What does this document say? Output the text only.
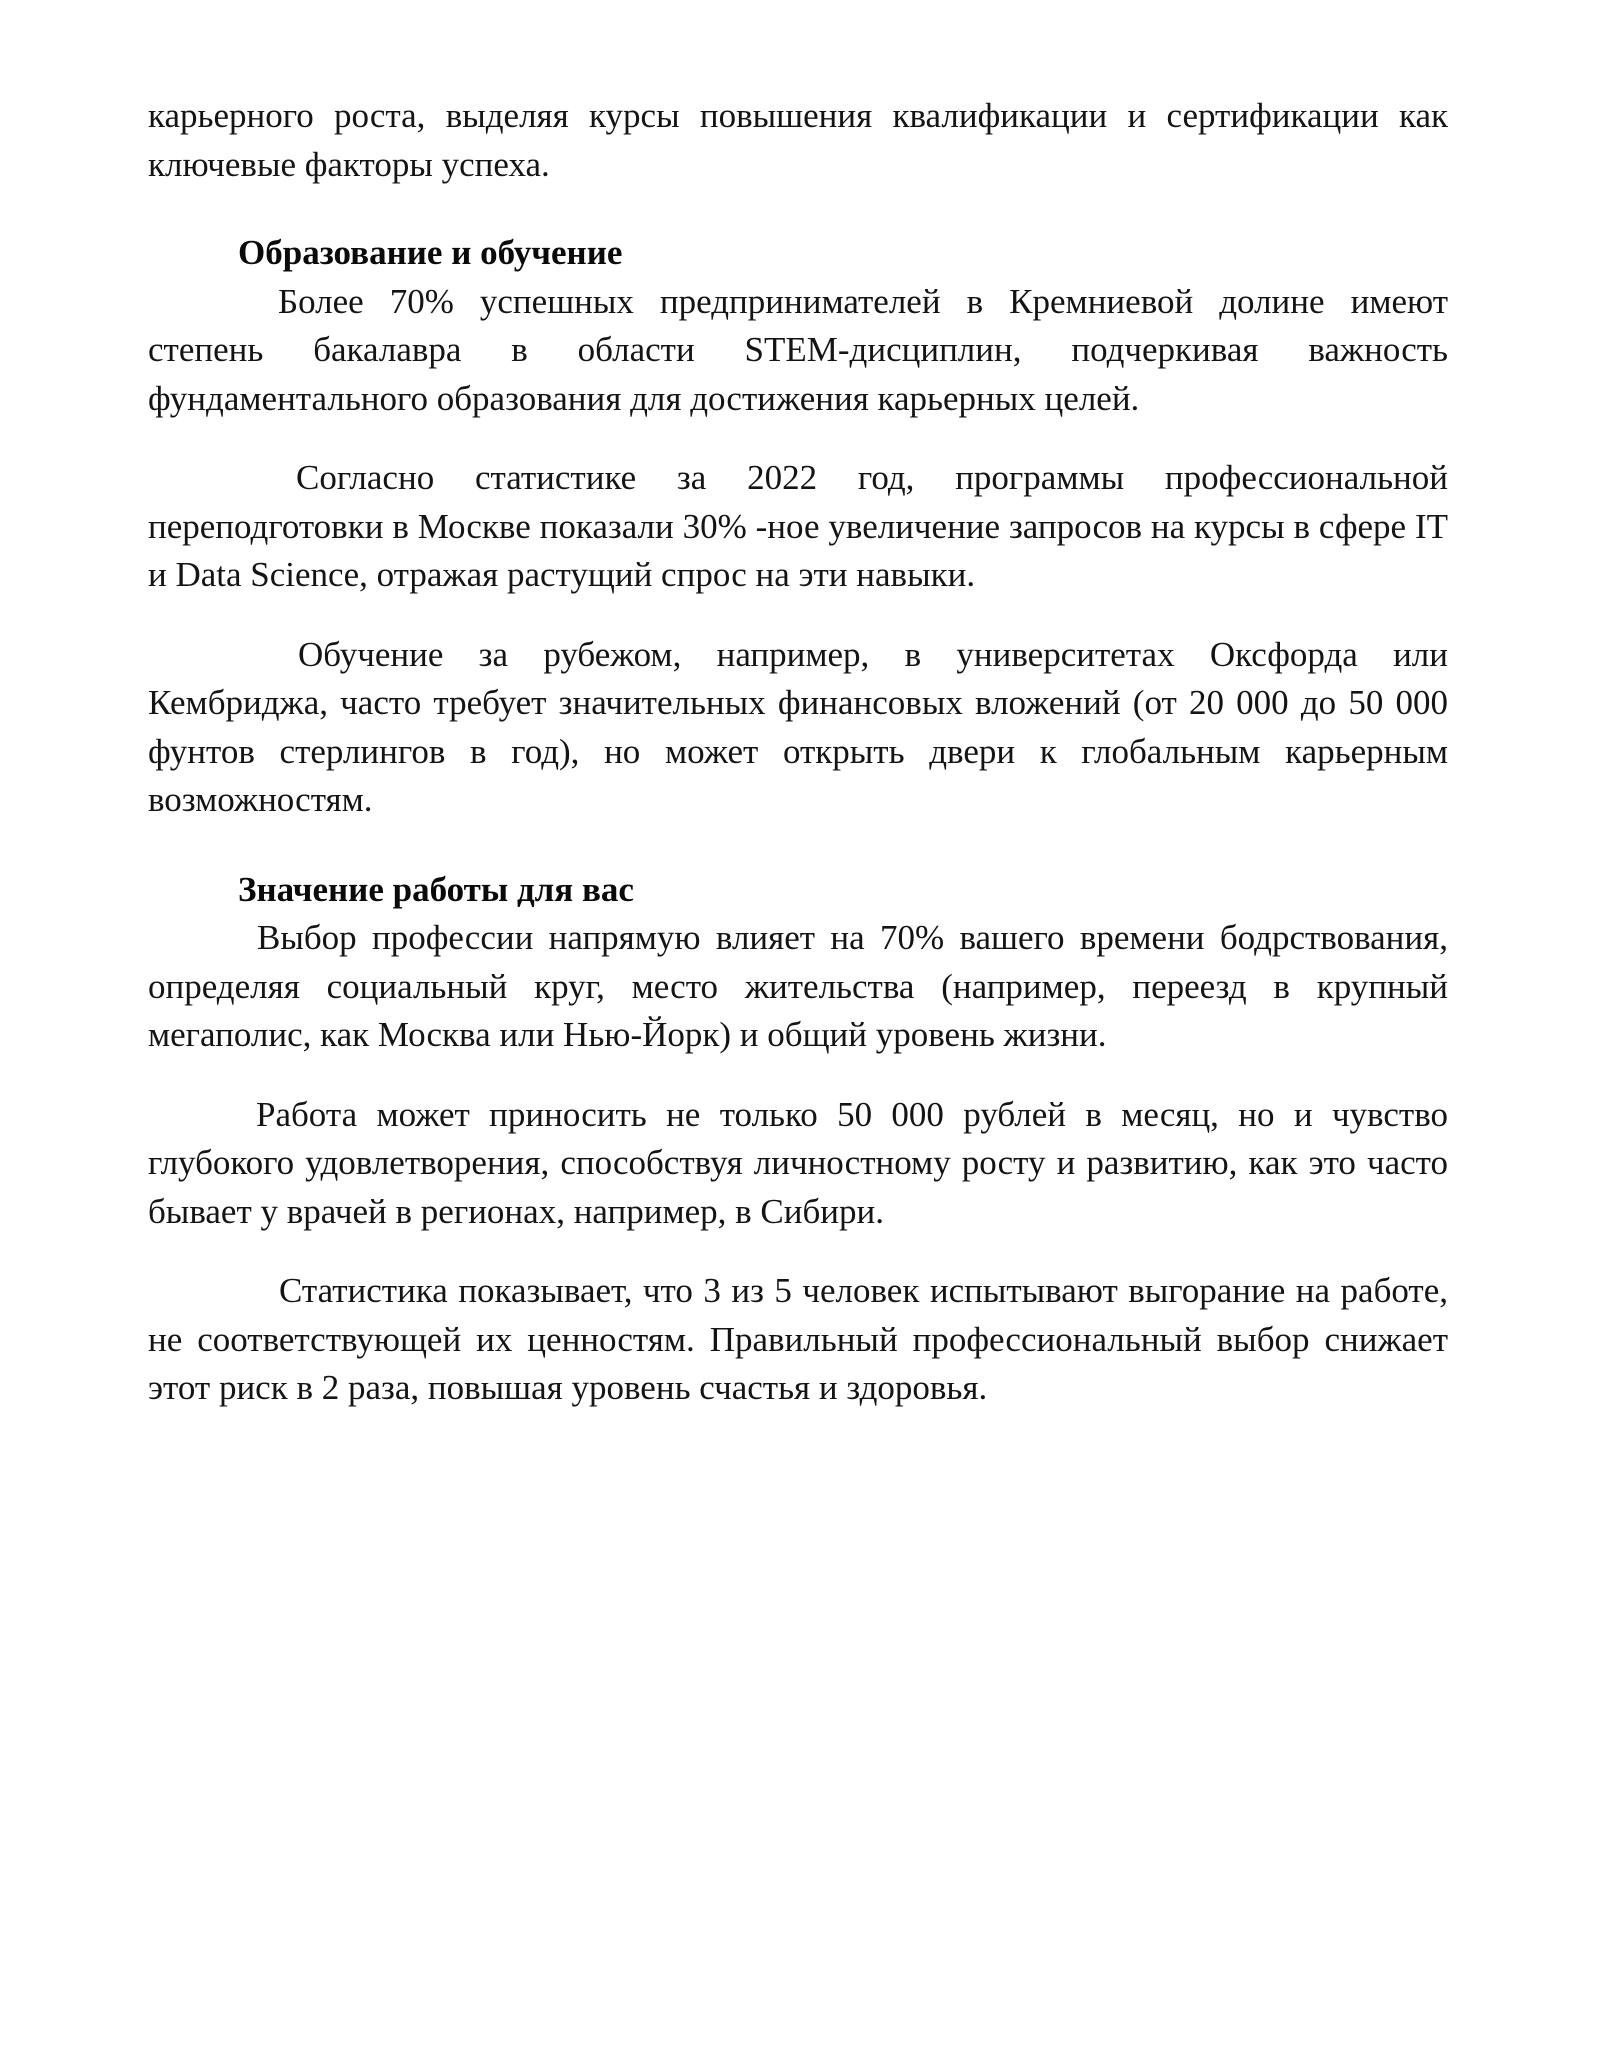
карьерного роста, выделяя курсы повышения квалификации и сертификации как ключевые факторы успеха.

Образование и обучение

Более 70% успешных предпринимателей в Кремниевой долине имеют степень бакалавра в области STEM-дисциплин, подчеркивая важность фундаментального образования для достижения карьерных целей.

Согласно статистике за 2022 год, программы профессиональной переподготовки в Москве показали 30% -ное увеличение запросов на курсы в сфере IT и Data Science, отражая растущий спрос на эти навыки.

Обучение за рубежом, например, в университетах Оксфорда или Кембриджа, часто требует значительных финансовых вложений (от 20 000 до 50 000 фунтов стерлингов в год), но может открыть двери к глобальным карьерным возможностям.

Значение работы для вас

Выбор профессии напрямую влияет на 70% вашего времени бодрствования, определяя социальный круг, место жительства (например, переезд в крупный мегаполис, как Москва или Нью-Йорк) и общий уровень жизни.

Работа может приносить не только 50 000 рублей в месяц, но и чувство глубокого удовлетворения, способствуя личностному росту и развитию, как это часто бывает у врачей в регионах, например, в Сибири.

Статистика показывает, что 3 из 5 человек испытывают выгорание на работе, не соответствующей их ценностям. Правильный профессиональный выбор снижает этот риск в 2 раза, повышая уровень счастья и здоровья.
